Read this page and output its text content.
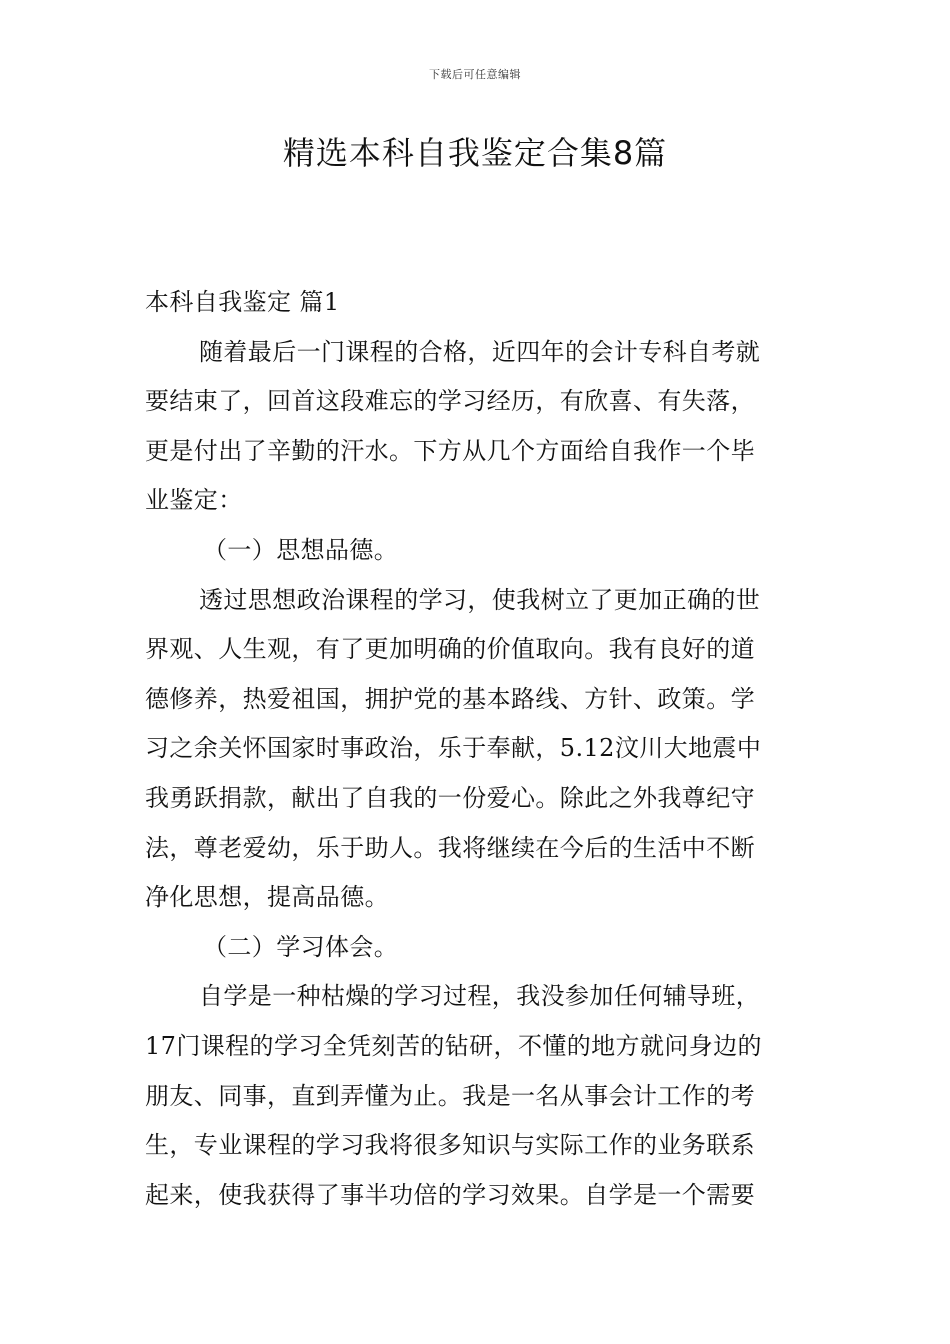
下载后可任意编辑
精选本科自我鉴定合集8篇
本科自我鉴定 篇1
随着最后一门课程的合格，近四年的会计专科自考就
要结束了，回首这段难忘的学习经历，有欣喜、有失落，
更是付出了辛勤的汗水。下方从几个方面给自我作一个毕
业鉴定：
（一）思想品德。
透过思想政治课程的学习，使我树立了更加正确的世
界观、人生观，有了更加明确的价值取向。我有良好的道
德修养，热爱祖国，拥护党的基本路线、方针、政策。学
习之余关怀国家时事政治，乐于奉献，5.12汶川大地震中
我勇跃捐款，献出了自我的一份爱心。除此之外我尊纪守
法，尊老爱幼，乐于助人。我将继续在今后的生活中不断
净化思想，提高品德。
（二）学习体会。
自学是一种枯燥的学习过程，我没参加任何辅导班，
17门课程的学习全凭刻苦的钻研，不懂的地方就问身边的
朋友、同事，直到弄懂为止。我是一名从事会计工作的考
生，专业课程的学习我将很多知识与实际工作的业务联系
起来，使我获得了事半功倍的学习效果。自学是一个需要
